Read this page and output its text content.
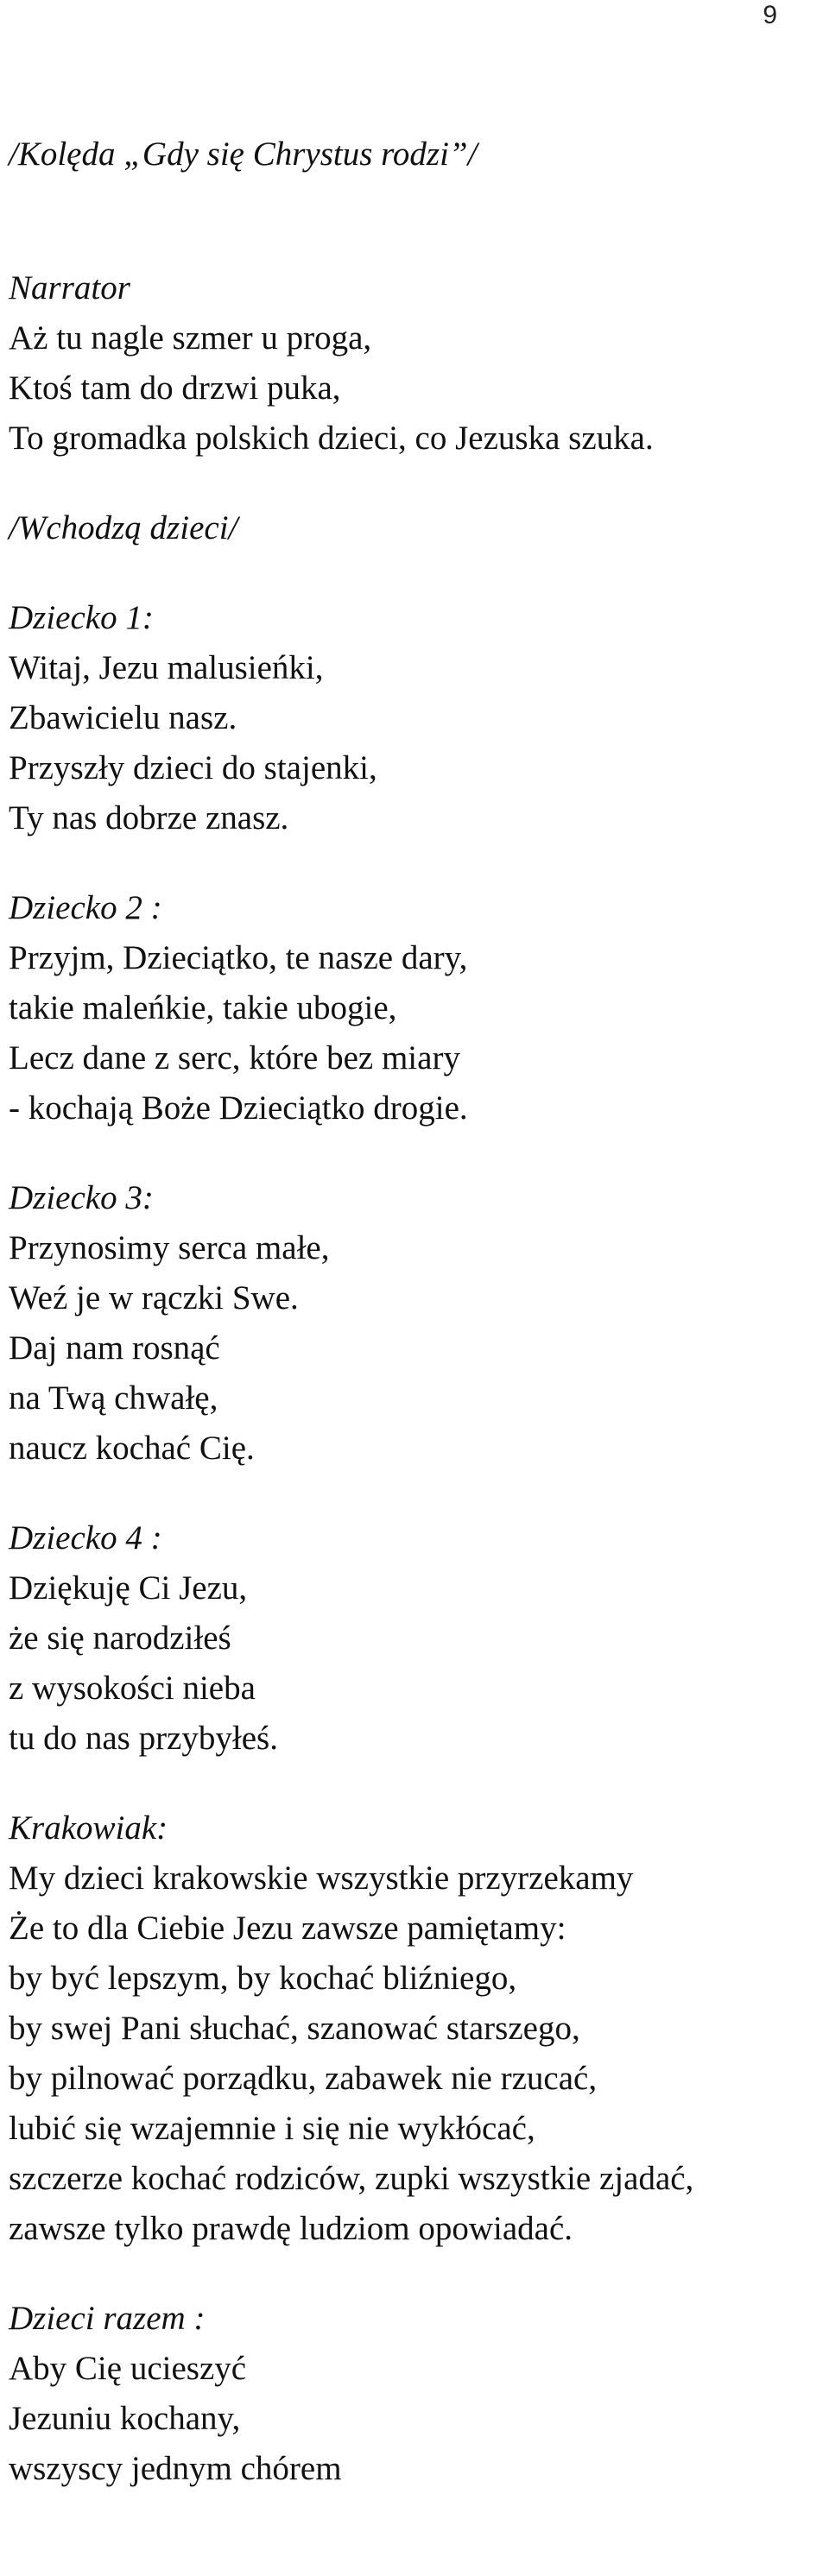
9
/Kolęda „Gdy się Chrystus rodzi”/
Narrator
Aż tu nagle szmer u proga,
Ktoś tam do drzwi puka,
To gromadka polskich dzieci, co Jezuska szuka.
/Wchodzą dzieci/
Dziecko 1:
Witaj, Jezu malusieńki,
Zbawicielu nasz.
Przyszły dzieci do stajenki,
Ty nas dobrze znasz.
Dziecko 2 :
Przyjm, Dzieciątko, te nasze dary,
takie maleńkie, takie ubogie,
Lecz dane z serc, które bez miary
- kochają Boże Dzieciątko drogie.
Dziecko 3:
Przynosimy serca małe,
Weź je w rączki Swe.
Daj nam rosnąć
na Twą chwałę,
naucz kochać Cię.
Dziecko 4 :
Dziękuję Ci Jezu,
że się narodziłeś
z wysokości nieba
tu do nas przybyłeś.
Krakowiak:
My dzieci krakowskie wszystkie przyrzekamy
Że to dla Ciebie Jezu zawsze pamiętamy:
by być lepszym, by kochać bliźniego,
by swej Pani słuchać, szanować starszego,
by pilnować porządku, zabawek nie rzucać,
lubić się wzajemnie i się nie wykłócać,
szczerze kochać rodziców, zupki wszystkie zjadać,
zawsze tylko prawdę ludziom opowiadać.
Dzieci razem :
Aby Cię ucieszyć
Jezuniu kochany,
wszyscy jednym chórem
